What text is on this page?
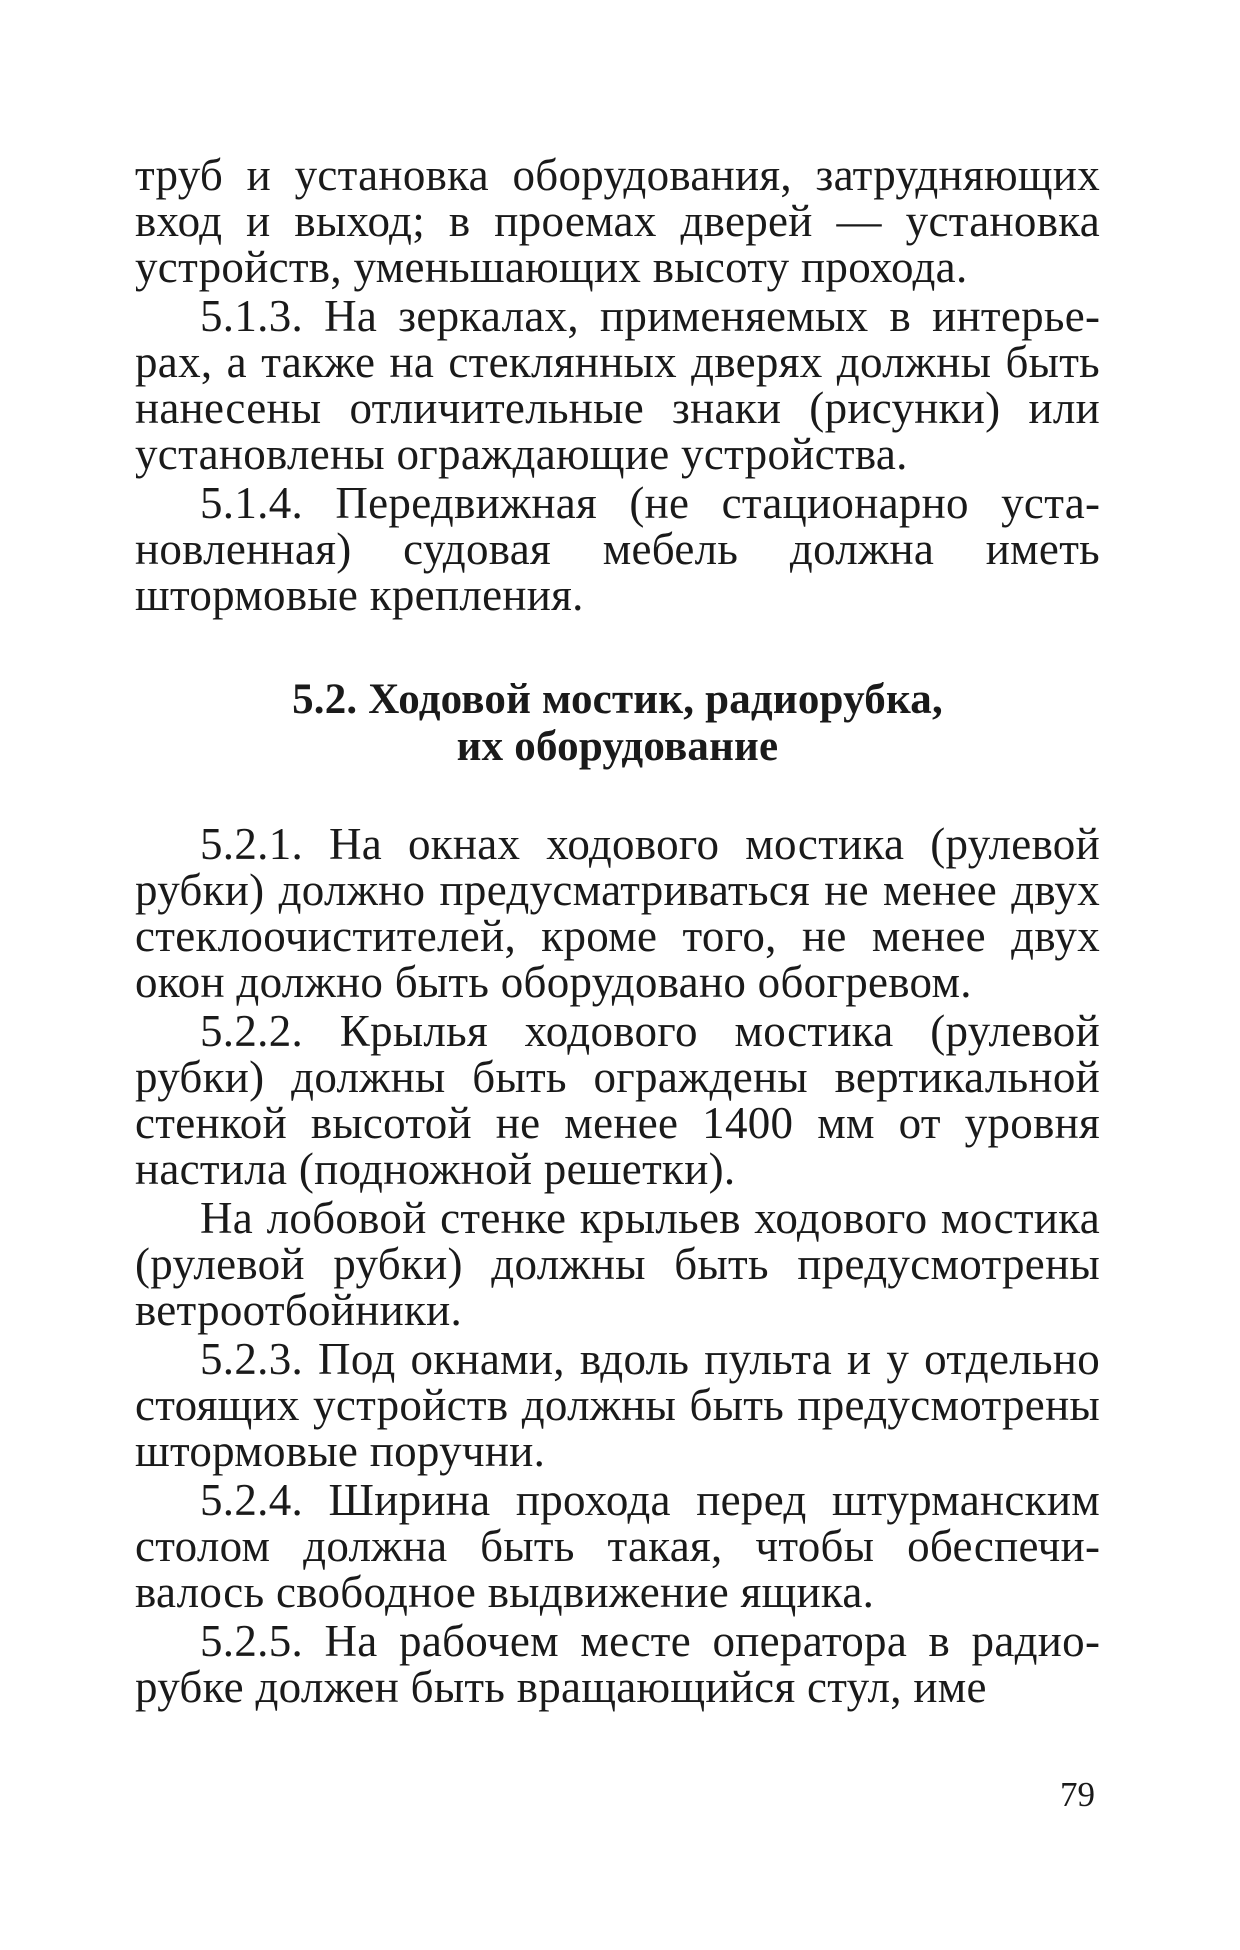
труб и установка оборудования, затрудняющих вход и выход; в проемах дверей — установка устройств, уменьшающих высоту прохода.

5.1.3. На зеркалах, применяемых в интерьерах, а также на стеклянных дверях должны быть нанесены отличительные знаки (рисунки) или установлены ограждающие устройства.

5.1.4. Передвижная (не стационарно установленная) судовая мебель должна иметь штормовые крепления.

5.2. Ходовой мостик, радиорубка,
их оборудование

5.2.1. На окнах ходового мостика (рулевой рубки) должно предусматриваться не менее двух стеклоочистителей, кроме того, не менее двух окон должно быть оборудовано обогревом.

5.2.2. Крылья ходового мостика (рулевой рубки) должны быть ограждены вертикальной стенкой высотой не менее 1400 мм от уровня настила (подножной решетки).

На лобовой стенке крыльев ходового мостика (рулевой рубки) должны быть предусмотрены ветроотбойники.

5.2.3. Под окнами, вдоль пульта и у отдельно стоящих устройств должны быть предусмотрены штормовые поручни.

5.2.4. Ширина прохода перед штурманским столом должна быть такая, чтобы обеспечивалось свободное выдвижение ящика.

5.2.5. На рабочем месте оператора в радиорубке должен быть вращающийся стул, име

79
